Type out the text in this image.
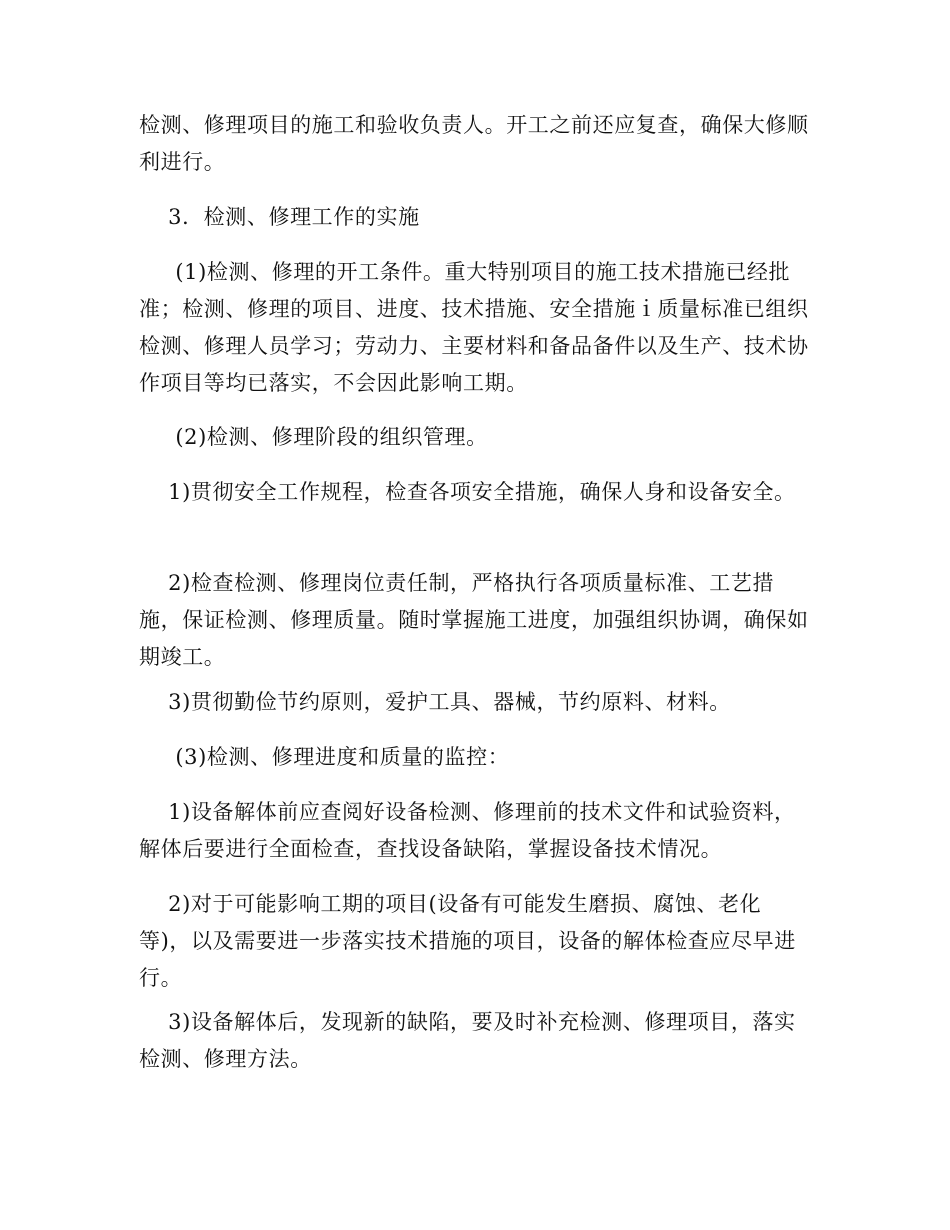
检测、修理项目的施工和验收负责人。开工之前还应复查，确保大修顺利进行。

3．检测、修理工作的实施

(1)检测、修理的开工条件。重大特别项目的施工技术措施已经批准；检测、修理的项目、进度、技术措施、安全措施ｉ质量标准已组织检测、修理人员学习；劳动力、主要材料和备品备件以及生产、技术协作项目等均已落实，不会因此影响工期。

(2)检测、修理阶段的组织管理。

1)贯彻安全工作规程，检查各项安全措施，确保人身和设备安全。

2)检查检测、修理岗位责任制，严格执行各项质量标准、工艺措施，保证检测、修理质量。随时掌握施工进度，加强组织协调，确保如期竣工。

3)贯彻勤俭节约原则，爱护工具、器械，节约原料、材料。

(3)检测、修理进度和质量的监控：

1)设备解体前应查阅好设备检测、修理前的技术文件和试验资料，解体后要进行全面检查，查找设备缺陷，掌握设备技术情况。

2)对于可能影响工期的项目(设备有可能发生磨损、腐蚀、老化等)，以及需要进一步落实技术措施的项目，设备的解体检查应尽早进行。

3)设备解体后，发现新的缺陷，要及时补充检测、修理项目，落实检测、修理方法。
